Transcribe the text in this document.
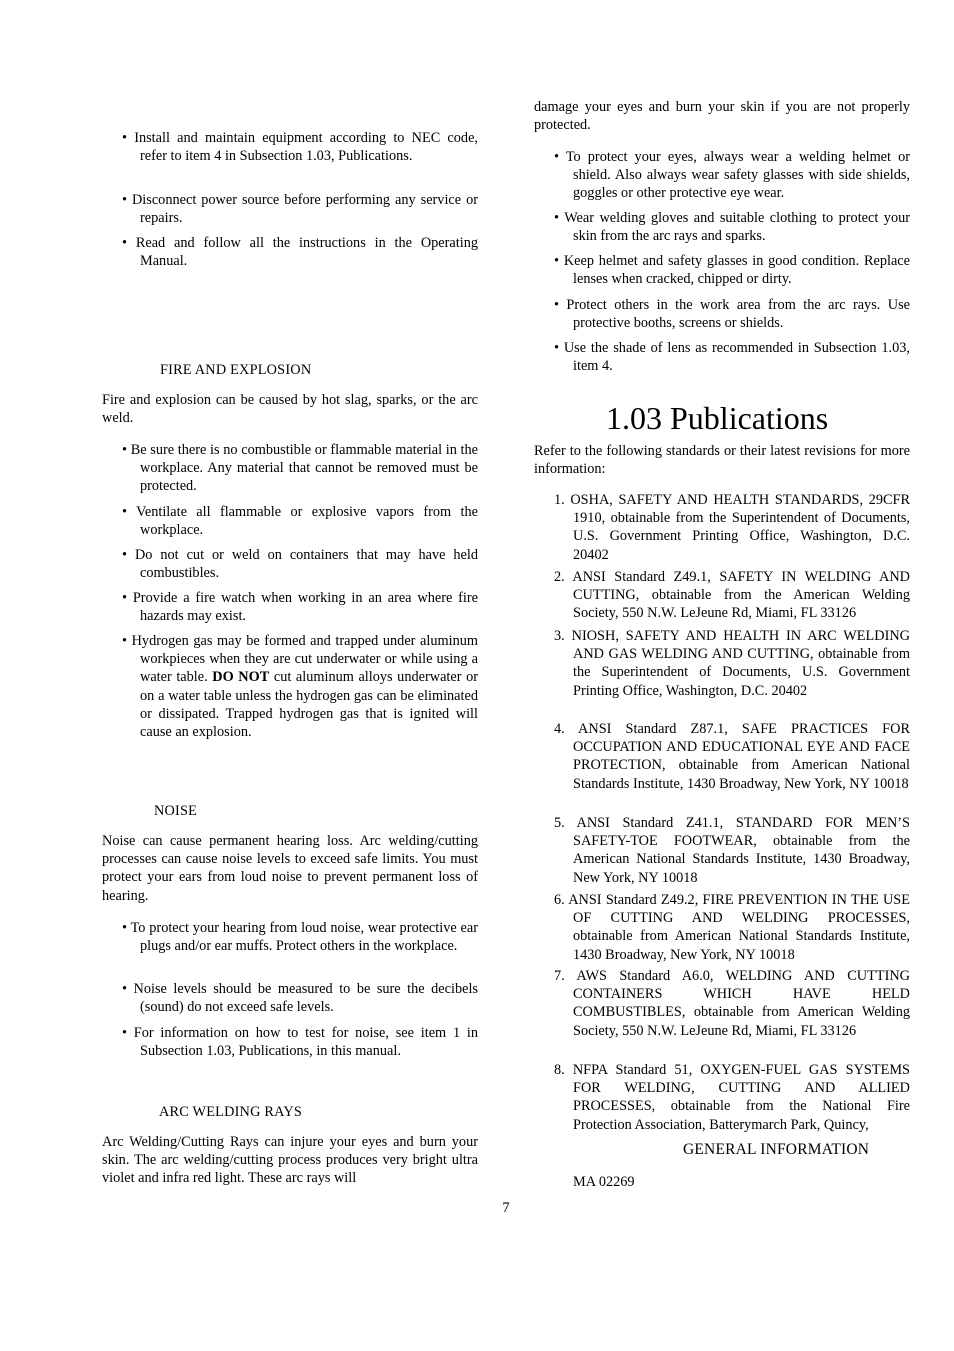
• Install and maintain equipment according to NEC code, refer to item 4 in Subsection 1.03, Publications.

• Disconnect power source before performing any service or repairs.

• Read and follow all the instructions in the Operating Manual.

FIRE AND EXPLOSION

Fire and explosion can be caused by hot slag, sparks, or the arc weld.

• Be sure there is no combustible or flammable material in the workplace. Any material that cannot be removed must be protected.

• Ventilate all flammable or explosive vapors from the workplace.

• Do not cut or weld on containers that may have held combustibles.

• Provide a fire watch when working in an area where fire hazards may exist.

• Hydrogen gas may be formed and trapped under aluminum workpieces when they are cut underwater or while using a water table. DO NOT cut aluminum alloys underwater or on a water table unless the hydrogen gas can be eliminated or dissipated. Trapped hydrogen gas that is ignited will cause an explosion.

NOISE

Noise can cause permanent hearing loss. Arc welding/cutting processes can cause noise levels to exceed safe limits. You must protect your ears from loud noise to prevent permanent loss of hearing.

• To protect your hearing from loud noise, wear protective ear plugs and/or ear muffs. Protect others in the workplace.

• Noise levels should be measured to be sure the decibels (sound) do not exceed safe levels.

• For information on how to test for noise, see item 1 in Subsection 1.03, Publications, in this manual.

ARC WELDING RAYS

Arc Welding/Cutting Rays can injure your eyes and burn your skin. The arc welding/cutting process produces very bright ultra violet and infra red light. These arc rays will

damage your eyes and burn your skin if you are not properly protected.

• To protect your eyes, always wear a welding helmet or shield. Also always wear safety glasses with side shields, goggles or other protective eye wear.

• Wear welding gloves and suitable clothing to protect your skin from the arc rays and sparks.

• Keep helmet and safety glasses in good condition. Replace lenses when cracked, chipped or dirty.

• Protect others in the work area from the arc rays. Use protective booths, screens or shields.

• Use the shade of lens as recommended in Subsection 1.03, item 4.

1.03 Publications

Refer to the following standards or their latest revisions for more information:

1. OSHA, SAFETY AND HEALTH STANDARDS, 29CFR 1910, obtainable from the Superintendent of Documents, U.S. Government Printing Office, Washington, D.C. 20402

2. ANSI Standard Z49.1, SAFETY IN WELDING AND CUTTING, obtainable from the American Welding Society, 550 N.W. LeJeune Rd, Miami, FL 33126

3. NIOSH, SAFETY AND HEALTH IN ARC WELDING AND GAS WELDING AND CUTTING, obtainable from the Superintendent of Documents, U.S. Government Printing Office, Washington, D.C. 20402

4. ANSI Standard Z87.1, SAFE PRACTICES FOR OCCUPATION AND EDUCATIONAL EYE AND FACE PROTECTION, obtainable from American National Standards Institute, 1430 Broadway, New York, NY 10018

5. ANSI Standard Z41.1, STANDARD FOR MEN’S SAFETY-TOE FOOTWEAR, obtainable from the American National Standards Institute, 1430 Broadway, New York, NY 10018

6. ANSI Standard Z49.2, FIRE PREVENTION IN THE USE OF CUTTING AND WELDING PROCESSES, obtainable from American National Standards Institute, 1430 Broadway, New York, NY 10018

7. AWS Standard A6.0, WELDING AND CUTTING CONTAINERS WHICH HAVE HELD COMBUSTIBLES, obtainable from American Welding Society, 550 N.W. LeJeune Rd, Miami, FL 33126

8. NFPA Standard 51, OXYGEN-FUEL GAS SYSTEMS FOR WELDING, CUTTING AND ALLIED PROCESSES, obtainable from the National Fire Protection Association, Batterymarch Park, Quincy,

GENERAL INFORMATION
MA 02269
7
